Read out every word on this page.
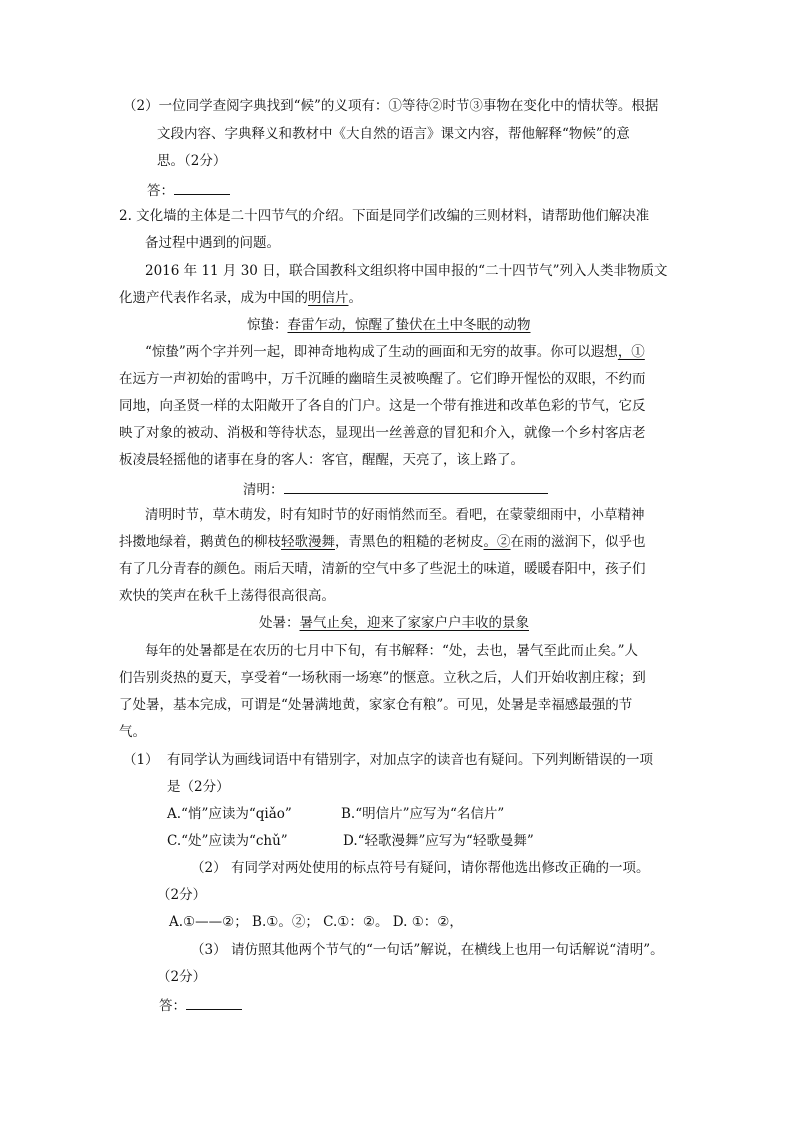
（2）一位同学查阅字典找到“候”的义项有：①等待②时节③事物在变化中的情状等。根据
文段内容、字典释义和教材中《大自然的语言》课文内容，帮他解释“物候”的意
思。（2分）
答：
2. 文化墙的主体是二十四节气的介绍。下面是同学们改编的三则材料，请帮助他们解决准
备过程中遇到的问题。
2016 年 11 月 30 日，联合国教科文组织将中国申报的“二十四节气”列入人类非物质文
化遗产代表作名录，成为中国的明信片。
惊蛰：春雷乍动，惊醒了蛰伏在土中冬眠的动物
“惊蛰”两个字并列一起，即神奇地构成了生动的画面和无穷的故事。你可以遐想，①
在远方一声初始的雷鸣中，万千沉睡的幽暗生灵被唤醒了。它们睁开惺忪的双眼，不约而
同地，向圣贤一样的太阳敞开了各自的门户。这是一个带有推进和改革色彩的节气，它反
映了对象的被动、消极和等待状态，显现出一丝善意的冒犯和介入，就像一个乡村客店老
板凌晨轻摇他的诸事在身的客人：客官，醒醒，天亮了，该上路了。
清明：
清明时节，草木萌发，时有知时节的好雨悄然而至。看吧，在蒙蒙细雨中，小草精神
抖擞地绿着，鹅黄色的柳枝轻歌漫舞，青黑色的粗糙的老树皮。②在雨的滋润下，似乎也
有了几分青春的颜色。雨后天晴，清新的空气中多了些泥土的味道，暖暖春阳中，孩子们
欢快的笑声在秋千上荡得很高很高。
处暑：暑气止矣，迎来了家家户户丰收的景象
每年的处暑都是在农历的七月中下旬，有书解释：“处，去也，暑气至此而止矣。”人
们告别炎热的夏天，享受着“一场秋雨一场寒”的惬意。立秋之后，人们开始收割庄稼；到
了处暑，基本完成，可谓是“处暑满地黄，家家仓有粮”。可见，处暑是幸福感最强的节
气。
（1） 有同学认为画线词语中有错别字，对加点字的读音也有疑问。下列判断错误的一项
是（2分）
A.“悄”应读为“qiǎo”	B.“明信片”应写为“名信片”
C.“处”应读为“chǔ”	D.“轻歌漫舞”应写为“轻歌曼舞”
（2） 有同学对两处使用的标点符号有疑问，请你帮他选出修改正确的一项。
（2分）
A.①——②； B.①。②； C.①：②。 D. ①：②，
（3） 请仿照其他两个节气的“一句话”解说，在横线上也用一句话解说“清明”。
（2分）
答：
